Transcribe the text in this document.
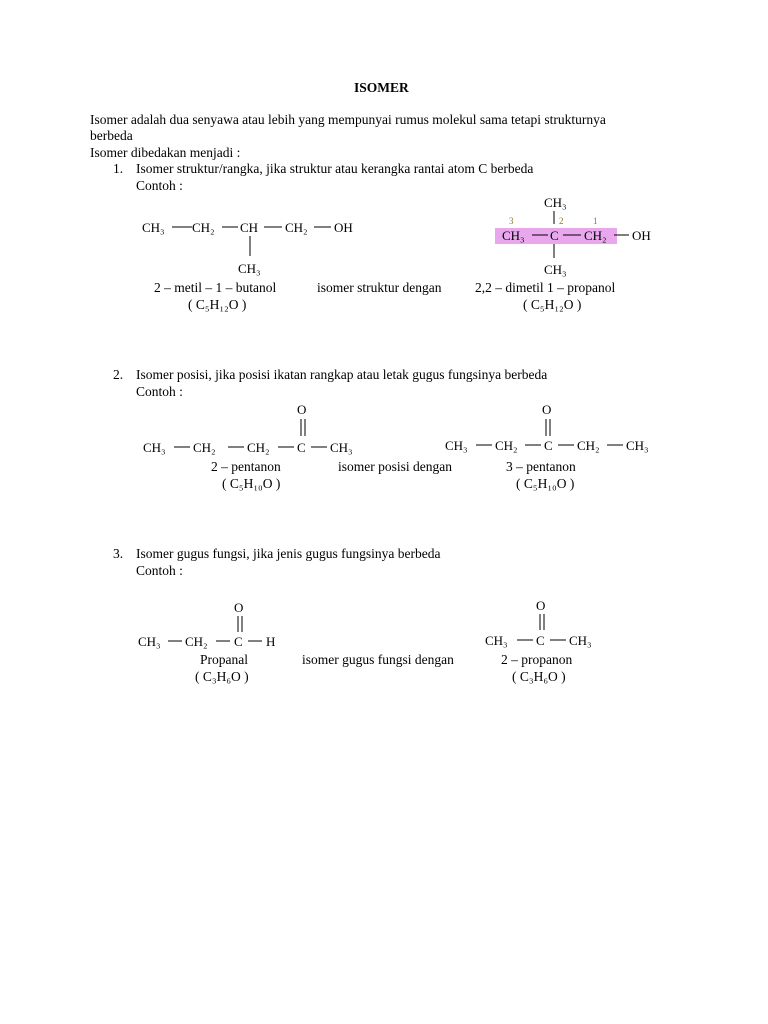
ISOMER
Isomer adalah dua senyawa atau lebih yang mempunyai rumus molekul sama tetapi strukturnya
berbeda
Isomer dibedakan menjadi :
1. Isomer struktur/rangka, jika struktur atau kerangka rantai atom C berbeda
Contoh :
CH₃ CH₂ CH CH₂ OH
CH₃
CH₃
3	2	1
CH₃ C CH₂ OH
CH₃
2 – metil – 1 – butanol
( C₅H₁₂O )
isomer struktur dengan 2,2 – dimetil 1 – propanol
( C₅H₁₂O )
2. Isomer posisi, jika posisi ikatan rangkap atau letak gugus fungsinya berbeda
Contoh :
O
CH₃ CH₂ CH₂ C CH₃
O
CH₃ CH₂ C CH₂ CH₃
2 – pentanon
( C₅H₁₀O )
isomer posisi dengan	3 – pentanon
( C₅H₁₀O )
3. Isomer gugus fungsi, jika jenis gugus fungsinya berbeda
Contoh :
O
CH₃ CH₂ C H
O
CH₃ C CH₃
Propanal
( C₃H₆O )
isomer gugus fungsi dengan	2 – propanon
( C₃H₆O )
